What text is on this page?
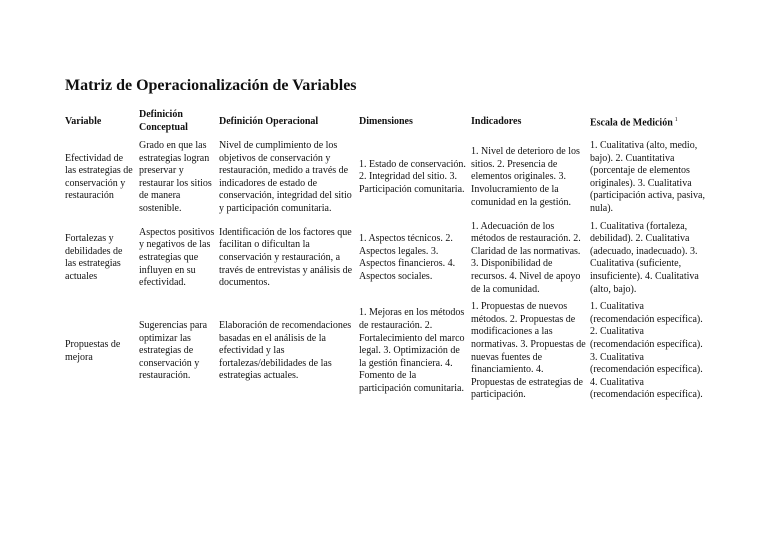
Matriz de Operacionalización de Variables
Variable	Definición Conceptual	Definición Operacional	Dimensiones	Indicadores	Escala de Medición $^1$
Efectividad de las estrategias de conservación y restauración	Grado en que las estrategias logran preservar y restaurar los sitios de manera sostenible.	Nivel de cumplimiento de los objetivos de conservación y restauración, medido a través de indicadores de estado de conservación, integridad del sitio y participación comunitaria.	1. Estado de conservación. 2. Integridad del sitio. 3. Participación comunitaria.	1. Nivel de deterioro de los sitios. 2. Presencia de elementos originales. 3. Involucramiento de la comunidad en la gestión.	1. Cualitativa (alto, medio, bajo). 2. Cuantitativa (porcentaje de elementos originales). 3. Cualitativa (participación activa, pasiva, nula).
Fortalezas y debilidades de las estrategias actuales	Aspectos positivos y negativos de las estrategias que influyen en su efectividad.	Identificación de los factores que facilitan o dificultan la conservación y restauración, a través de entrevistas y análisis de documentos.	1. Aspectos técnicos. 2. Aspectos legales. 3. Aspectos financieros. 4. Aspectos sociales.	1. Adecuación de los métodos de restauración. 2. Claridad de las normativas. 3. Disponibilidad de recursos. 4. Nivel de apoyo de la comunidad.	1. Cualitativa (fortaleza, debilidad). 2. Cualitativa (adecuado, inadecuado). 3. Cualitativa (suficiente, insuficiente). 4. Cualitativa (alto, bajo).
Propuestas de mejora	Sugerencias para optimizar las estrategias de conservación y restauración.	Elaboración de recomendaciones basadas en el análisis de la efectividad y las fortalezas/debilidades de las estrategias actuales.	1. Mejoras en los métodos de restauración. 2. Fortalecimiento del marco legal. 3. Optimización de la gestión financiera. 4. Fomento de la participación comunitaria.	1. Propuestas de nuevos métodos. 2. Propuestas de modificaciones a las normativas. 3. Propuestas de nuevas fuentes de financiamiento. 4. Propuestas de estrategias de participación.	1. Cualitativa (recomendación específica). 2. Cualitativa (recomendación específica). 3. Cualitativa (recomendación específica). 4. Cualitativa (recomendación específica).
